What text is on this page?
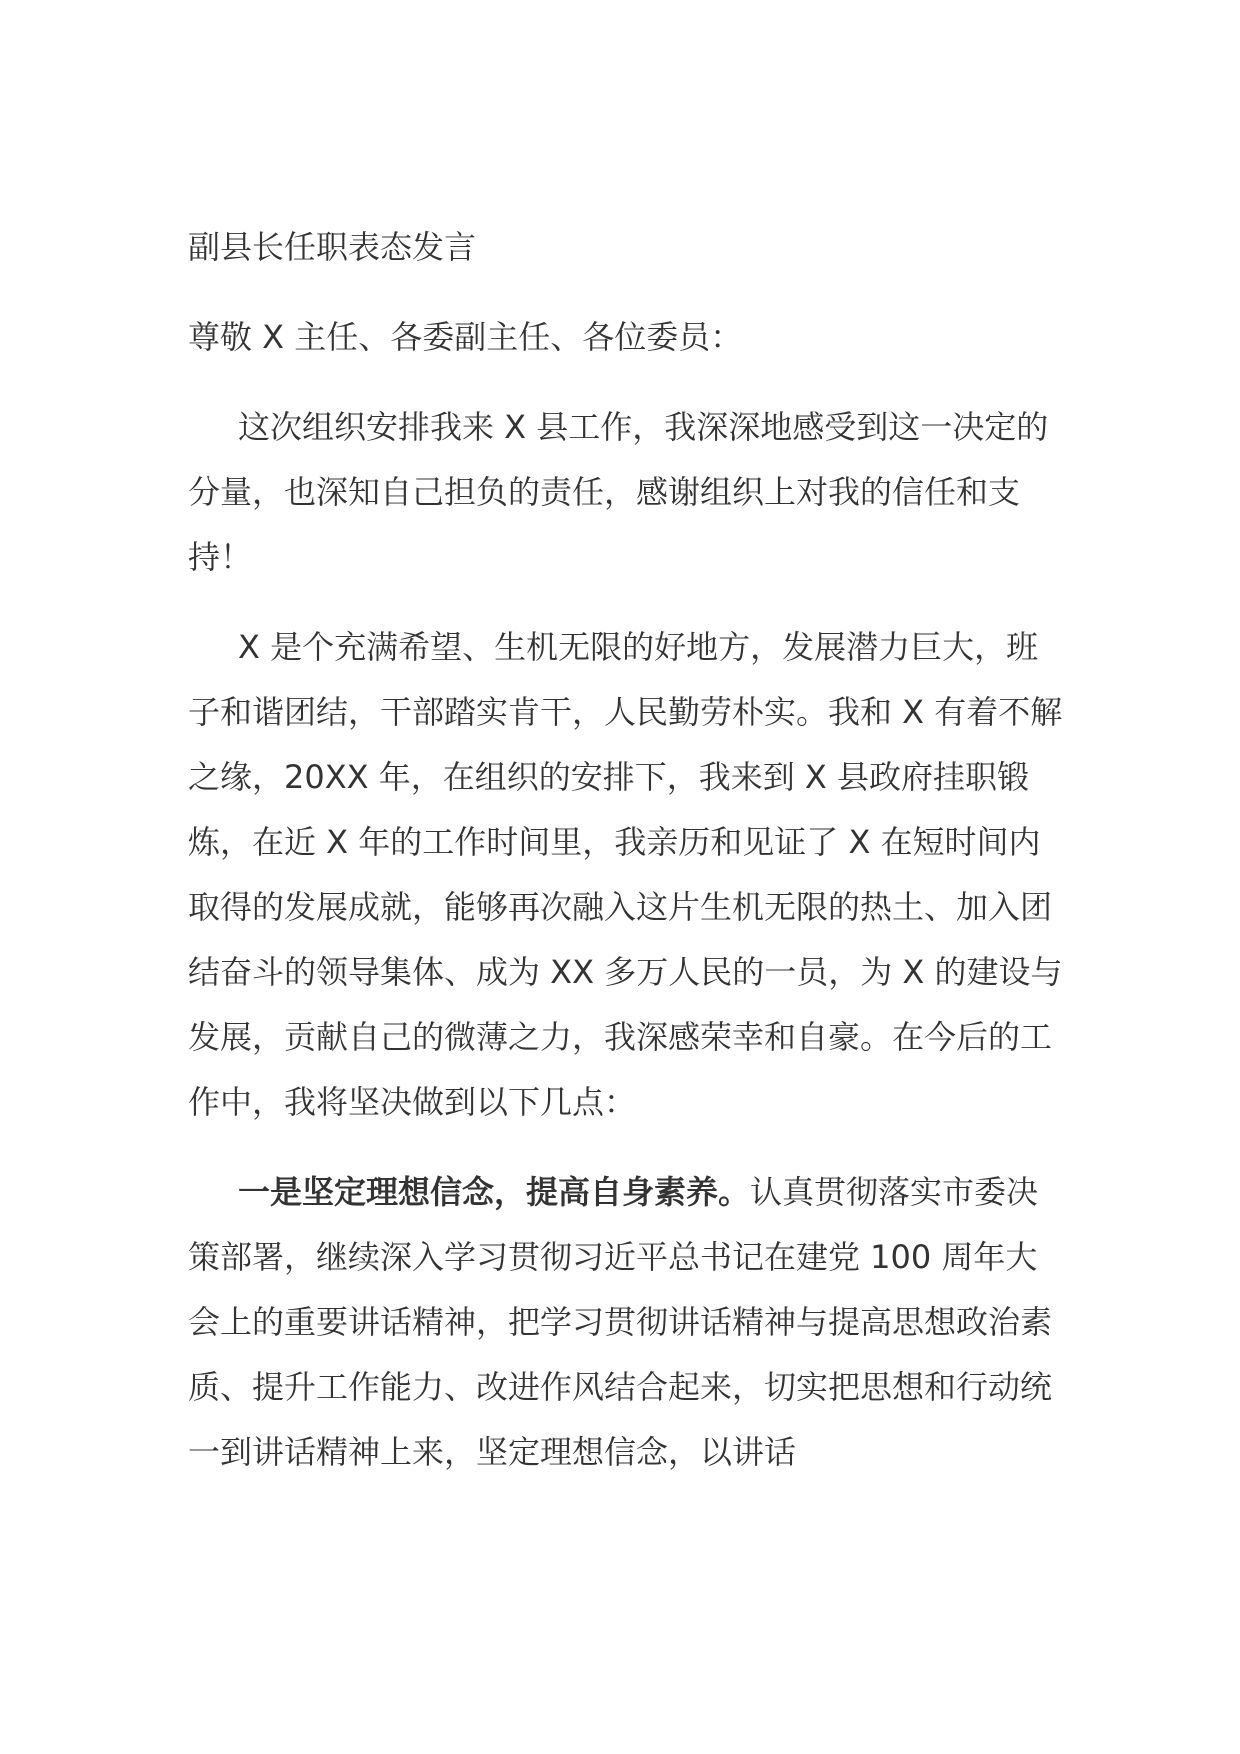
副县长任职表态发言
尊敬 X 主任、各委副主任、各位委员：

这次组织安排我来 X 县工作，我深深地感受到这一决定的分量，也深知自己担负的责任，感谢组织上对我的信任和支持！

X 是个充满希望、生机无限的好地方，发展潜力巨大，班子和谐团结，干部踏实肯干，人民勤劳朴实。我和 X 有着不解之缘，20XX 年，在组织的安排下，我来到 X 县政府挂职锻炼，在近 X 年的工作时间里，我亲历和见证了 X 在短时间内取得的发展成就，能够再次融入这片生机无限的热土、加入团结奋斗的领导集体、成为 XX 多万人民的一员，为 X 的建设与发展，贡献自己的微薄之力，我深感荣幸和自豪。在今后的工作中，我将坚决做到以下几点：

一是坚定理想信念，提高自身素养。认真贯彻落实市委决策部署，继续深入学习贯彻习近平总书记在建党 100 周年大会上的重要讲话精神，把学习贯彻讲话精神与提高思想政治素质、提升工作能力、改进作风结合起来，切实把思想和行动统一到讲话精神上来，坚定理想信念，以讲话
